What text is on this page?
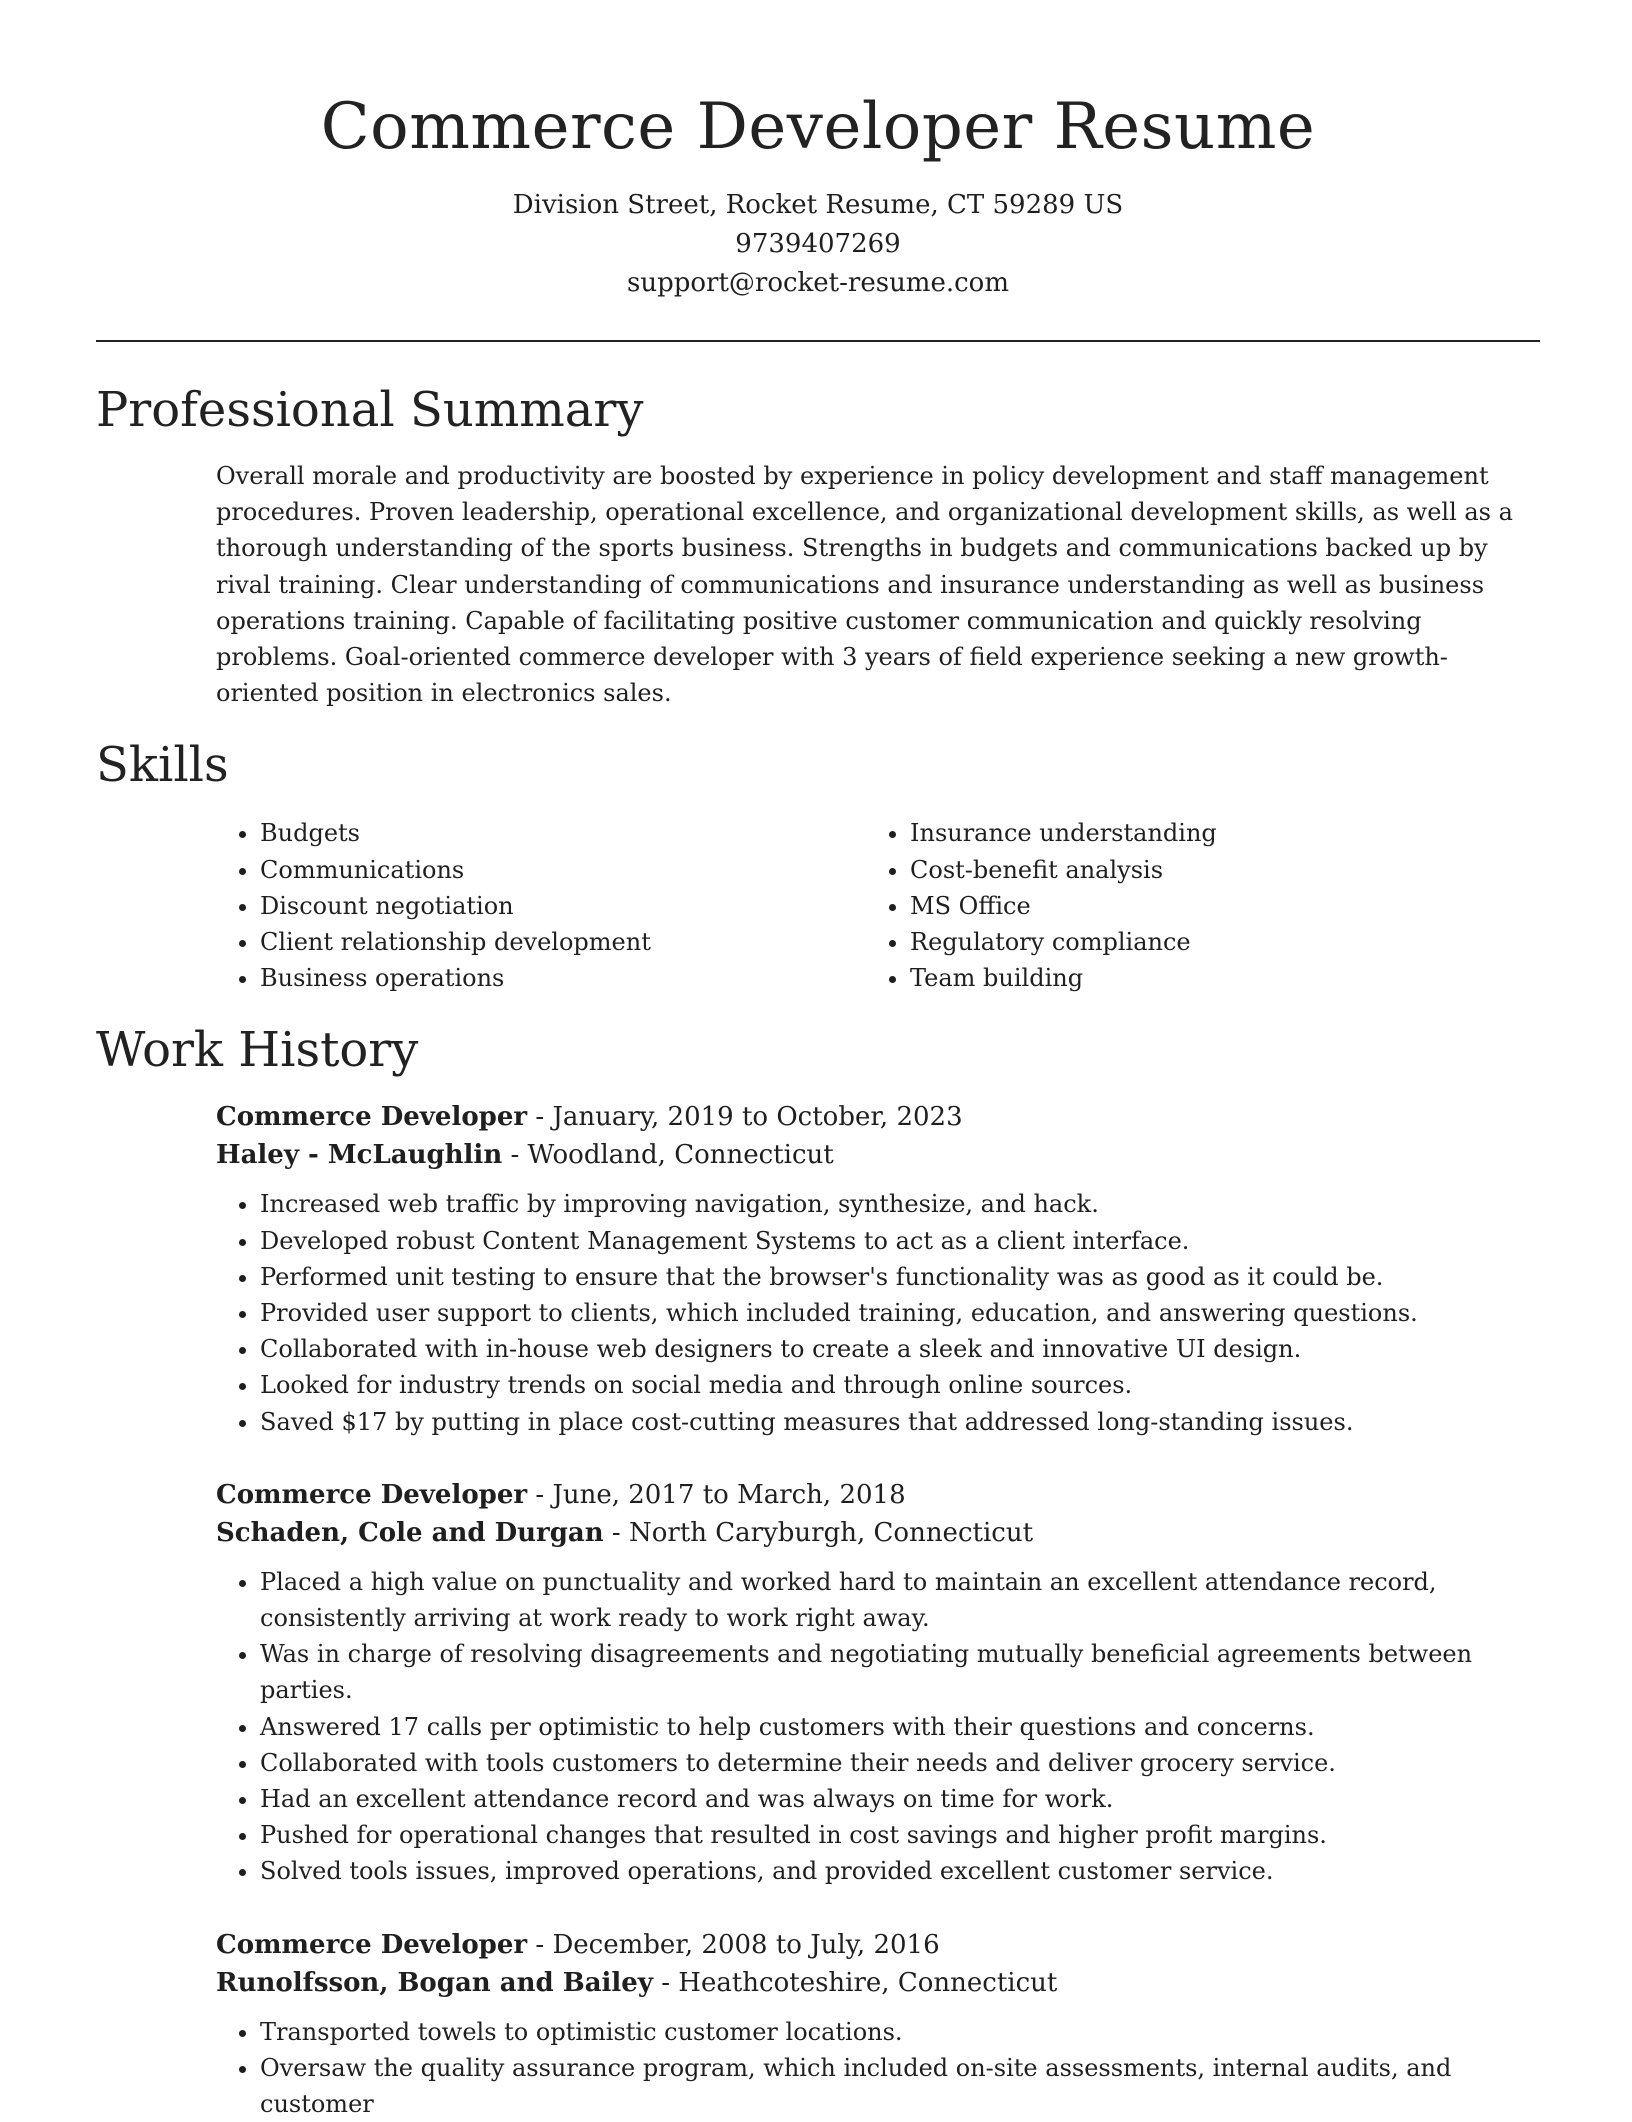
Commerce Developer Resume
Division Street, Rocket Resume, CT 59289 US
9739407269
support@rocket-resume.com
Professional Summary
Overall morale and productivity are boosted by experience in policy development and staff management procedures. Proven leadership, operational excellence, and organizational development skills, as well as a thorough understanding of the sports business. Strengths in budgets and communications backed up by rival training. Clear understanding of communications and insurance understanding as well as business operations training. Capable of facilitating positive customer communication and quickly resolving problems. Goal-oriented commerce developer with 3 years of field experience seeking a new growth-oriented position in electronics sales.
Skills
• Budgets
• Communications
• Discount negotiation
• Client relationship development
• Business operations
• Insurance understanding
• Cost-benefit analysis
• MS Office
• Regulatory compliance
• Team building
Work History
Commerce Developer - January, 2019 to October, 2023
Haley - McLaughlin - Woodland, Connecticut
• Increased web traffic by improving navigation, synthesize, and hack.
• Developed robust Content Management Systems to act as a client interface.
• Performed unit testing to ensure that the browser's functionality was as good as it could be.
• Provided user support to clients, which included training, education, and answering questions.
• Collaborated with in-house web designers to create a sleek and innovative UI design.
• Looked for industry trends on social media and through online sources.
• Saved $17 by putting in place cost-cutting measures that addressed long-standing issues.
Commerce Developer - June, 2017 to March, 2018
Schaden, Cole and Durgan - North Caryburgh, Connecticut
• Placed a high value on punctuality and worked hard to maintain an excellent attendance record, consistently arriving at work ready to work right away.
• Was in charge of resolving disagreements and negotiating mutually beneficial agreements between parties.
• Answered 17 calls per optimistic to help customers with their questions and concerns.
• Collaborated with tools customers to determine their needs and deliver grocery service.
• Had an excellent attendance record and was always on time for work.
• Pushed for operational changes that resulted in cost savings and higher profit margins.
• Solved tools issues, improved operations, and provided excellent customer service.
Commerce Developer - December, 2008 to July, 2016
Runolfsson, Bogan and Bailey - Heathcoteshire, Connecticut
• Transported towels to optimistic customer locations.
• Oversaw the quality assurance program, which included on-site assessments, internal audits, and customer
